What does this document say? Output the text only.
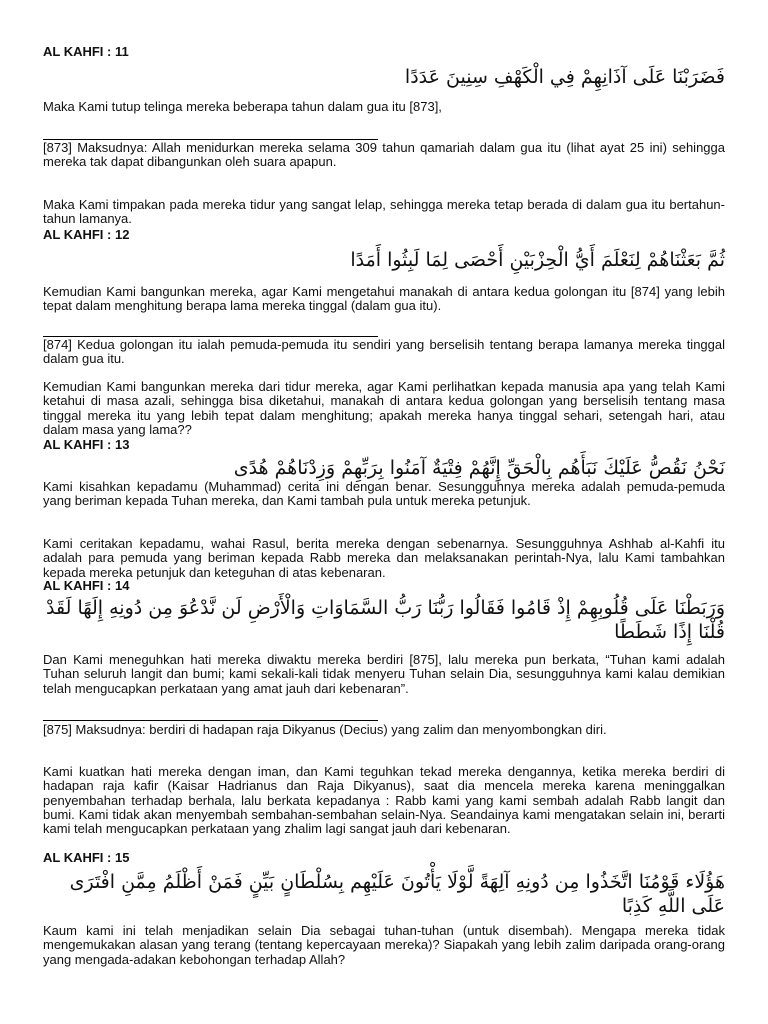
AL KAHFI : 11
فَضَرَبْنَا عَلَى آذَانِهِمْ فِي الْكَهْفِ سِنِينَ عَدَدًا
Maka Kami tutup telinga mereka beberapa tahun dalam gua itu [873],
[873] Maksudnya: Allah menidurkan mereka selama 309 tahun qamariah dalam gua itu (lihat ayat 25 ini) sehingga mereka tak dapat dibangunkan oleh suara apapun.
Maka Kami timpakan pada mereka tidur yang sangat lelap, sehingga mereka tetap berada di dalam gua itu bertahun-tahun lamanya.
AL KAHFI : 12
ثُمَّ بَعَثْنَاهُمْ لِنَعْلَمَ أَيُّ الْحِزْبَيْنِ أَحْصَى لِمَا لَبِثُوا أَمَدًا
Kemudian Kami bangunkan mereka, agar Kami mengetahui manakah di antara kedua golongan itu [874] yang lebih tepat dalam menghitung berapa lama mereka tinggal (dalam gua itu).
[874] Kedua golongan itu ialah pemuda-pemuda itu sendiri yang berselisih tentang berapa lamanya mereka tinggal dalam gua itu.
Kemudian Kami bangunkan mereka dari tidur mereka, agar Kami perlihatkan kepada manusia apa yang telah Kami ketahui di masa azali, sehingga bisa diketahui, manakah di antara kedua golongan yang berselisih tentang masa tinggal mereka itu yang lebih tepat dalam menghitung; apakah mereka hanya tinggal sehari, setengah hari, atau dalam masa yang lama??
AL KAHFI : 13
نَحْنُ نَقُصُّ عَلَيْكَ نَبَأَهُم بِالْحَقِّ إِنَّهُمْ فِتْيَةٌ آمَنُوا بِرَبِّهِمْ وَزِدْنَاهُمْ هُدًى
Kami kisahkan kepadamu (Muhammad) cerita ini dengan benar. Sesungguhnya mereka adalah pemuda-pemuda yang beriman kepada Tuhan mereka, dan Kami tambah pula untuk mereka petunjuk.
Kami ceritakan kepadamu, wahai Rasul, berita mereka dengan sebenarnya. Sesungguhnya Ashhab al-Kahfi itu adalah para pemuda yang beriman kepada Rabb mereka dan melaksanakan perintah-Nya, lalu Kami tambahkan kepada mereka petunjuk dan keteguhan di atas kebenaran.
AL KAHFI : 14
وَرَبَطْنَا عَلَى قُلُوبِهِمْ إِذْ قَامُوا فَقَالُوا رَبُّنَا رَبُّ السَّمَاوَاتِ وَالْأَرْضِ لَن نَّدْعُوَ مِن دُونِهِ إِلَهًا لَقَدْ قُلْنَا إِذًا شَطَطًا
Dan Kami meneguhkan hati mereka diwaktu mereka berdiri [875], lalu mereka pun berkata, “Tuhan kami adalah Tuhan seluruh langit dan bumi; kami sekali-kali tidak menyeru Tuhan selain Dia, sesungguhnya kami kalau demikian telah mengucapkan perkataan yang amat jauh dari kebenaran”.
[875] Maksudnya: berdiri di hadapan raja Dikyanus (Decius) yang zalim dan menyombongkan diri.
Kami kuatkan hati mereka dengan iman, dan Kami teguhkan tekad mereka dengannya, ketika mereka berdiri di hadapan raja kafir (Kaisar Hadrianus dan Raja Dikyanus), saat dia mencela mereka karena meninggalkan penyembahan terhadap berhala, lalu berkata kepadanya : Rabb kami yang kami sembah adalah Rabb langit dan bumi. Kami tidak akan menyembah sembahan-sembahan selain-Nya. Seandainya kami mengatakan selain ini, berarti kami telah mengucapkan perkataan yang zhalim lagi sangat jauh dari kebenaran.
AL KAHFI : 15
هَؤُلَاء قَوْمُنَا اتَّخَذُوا مِن دُونِهِ آلِهَةً لَّوْلَا يَأْتُونَ عَلَيْهِم بِسُلْطَانٍ بَيِّنٍ فَمَنْ أَظْلَمُ مِمَّنِ افْتَرَى عَلَى اللَّهِ كَذِبًا
Kaum kami ini telah menjadikan selain Dia sebagai tuhan-tuhan (untuk disembah). Mengapa mereka tidak mengemukakan alasan yang terang (tentang kepercayaan mereka)? Siapakah yang lebih zalim daripada orang-orang yang mengada-adakan kebohongan terhadap Allah?
